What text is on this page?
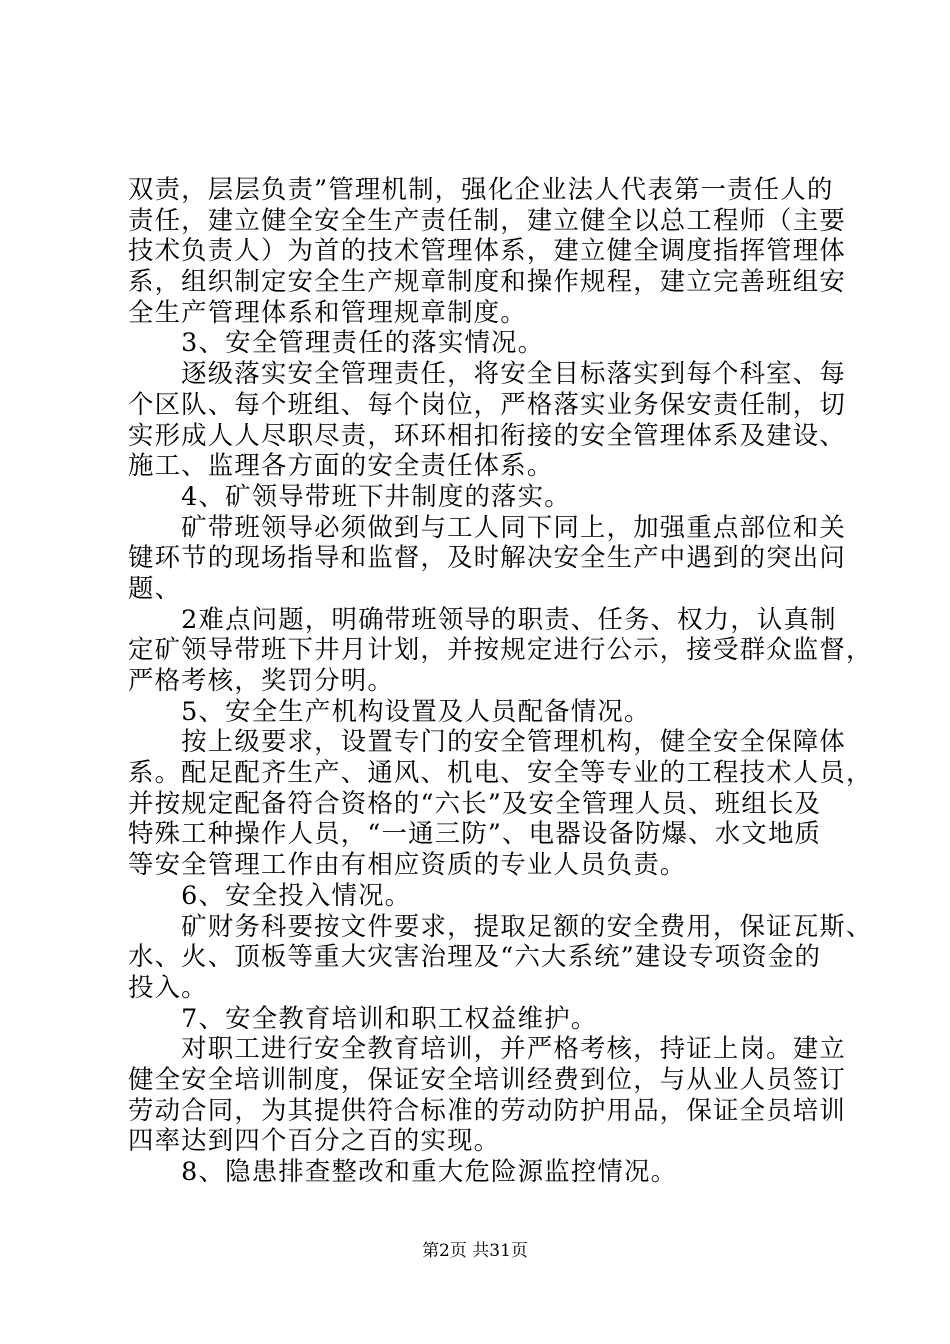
双责，层层负责”管理机制，强化企业法人代表第一责任人的
责任，建立健全安全生产责任制，建立健全以总工程师（主要
技术负责人）为首的技术管理体系，建立健全调度指挥管理体
系，组织制定安全生产规章制度和操作规程，建立完善班组安
全生产管理体系和管理规章制度。
　　3、安全管理责任的落实情况。
　　逐级落实安全管理责任，将安全目标落实到每个科室、每
个区队、每个班组、每个岗位，严格落实业务保安责任制，切
实形成人人尽职尽责，环环相扣衔接的安全管理体系及建设、
施工、监理各方面的安全责任体系。
　　4、矿领导带班下井制度的落实。
　　矿带班领导必须做到与工人同下同上，加强重点部位和关
键环节的现场指导和监督，及时解决安全生产中遇到的突出问
题、
　　2难点问题，明确带班领导的职责、任务、权力，认真制
定矿领导带班下井月计划，并按规定进行公示，接受群众监督，
严格考核，奖罚分明。
　　5、安全生产机构设置及人员配备情况。
　　按上级要求，设置专门的安全管理机构，健全安全保障体
系。配足配齐生产、通风、机电、安全等专业的工程技术人员，
并按规定配备符合资格的“六长”及安全管理人员、班组长及
特殊工种操作人员，“一通三防”、电器设备防爆、水文地质
等安全管理工作由有相应资质的专业人员负责。
　　6、安全投入情况。
　　矿财务科要按文件要求，提取足额的安全费用，保证瓦斯、
水、火、顶板等重大灾害治理及“六大系统”建设专项资金的
投入。
　　7、安全教育培训和职工权益维护。
　　对职工进行安全教育培训，并严格考核，持证上岗。建立
健全安全培训制度，保证安全培训经费到位，与从业人员签订
劳动合同，为其提供符合标准的劳动防护用品，保证全员培训
四率达到四个百分之百的实现。
　　8、隐患排查整改和重大危险源监控情况。
第2页 共31页
